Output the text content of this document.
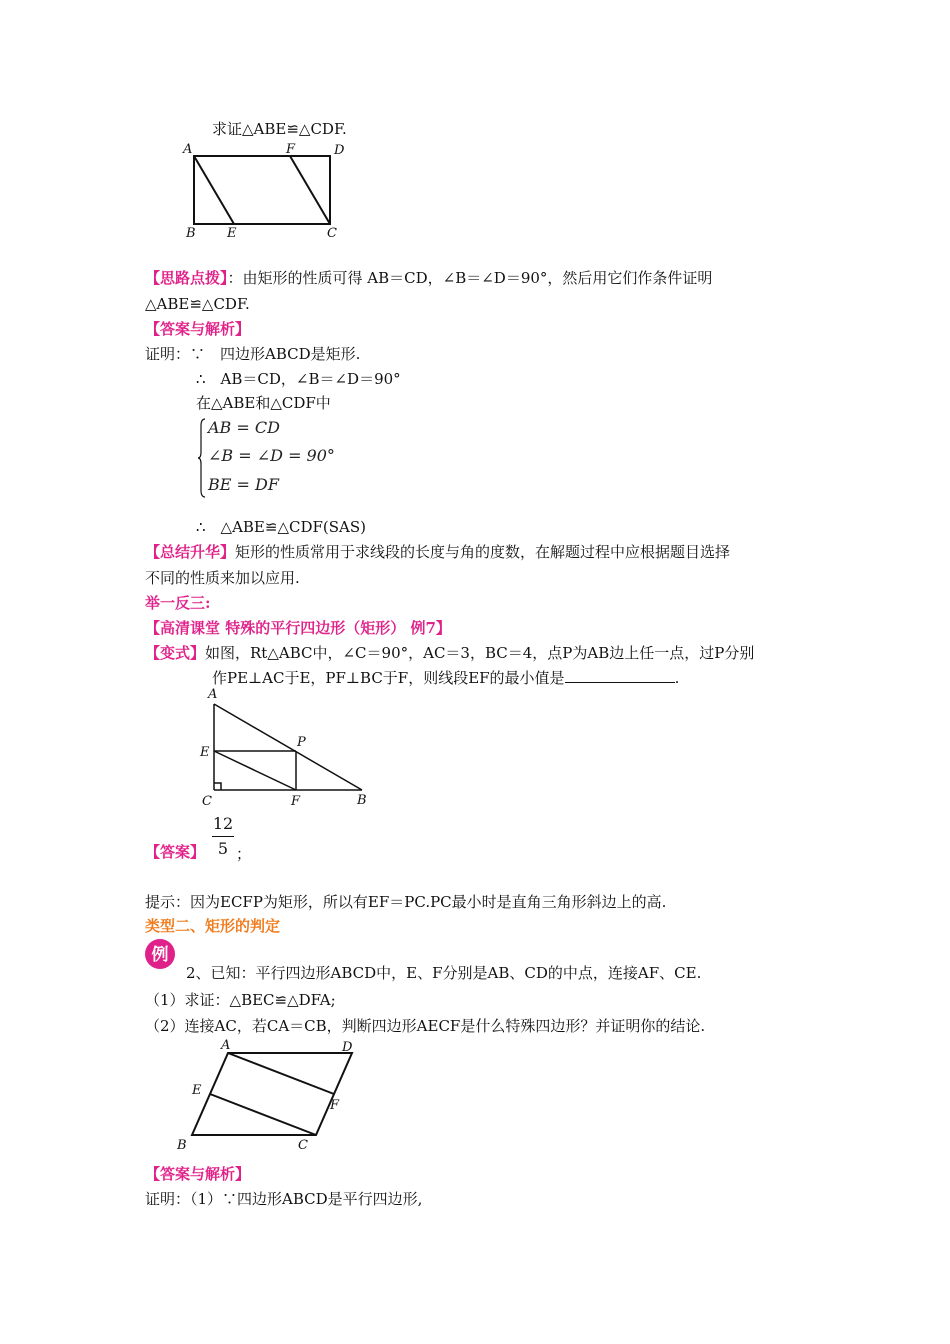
求证△ABE≌△CDF.
A	F	D
B E	C
【思路点拨】：由矩形的性质可得 AB＝CD，∠B＝∠D＝90°，然后用它们作条件证明
△ABE≌△CDF.
【答案与解析】
证明：∵　四边形ABCD是矩形.
∴　AB＝CD，∠B＝∠D＝90°
在△ABE和△CDF中
AB = CD
∠B = ∠D = 90°
BE = DF
∴　△ABE≌△CDF(SAS)
【总结升华】矩形的性质常用于求线段的长度与角的度数，在解题过程中应根据题目选择
不同的性质来加以应用.
举一反三:
【高清课堂 特殊的平行四边形（矩形） 例7】
【变式】如图，Rt△ABC中，∠C＝90°，AC＝3，BC＝4，点P为AB边上任一点，过P分别
作PE⊥AC于E，PF⊥BC于F，则线段EF的最小值是	.
A
E
P
C	F	B
【答案】
12
5 ；
提示：因为ECFP为矩形，所以有EF＝PC.PC最小时是直角三角形斜边上的高.
类型二、矩形的判定
例
2、已知：平行四边形ABCD中，E、F分别是AB、CD的中点，连接AF、CE.
（1）求证：△BEC≌△DFA;
（2）连接AC，若CA＝CB，判断四边形AECF是什么特殊四边形？并证明你的结论.
A	D
E
F
B	C
【答案与解析】
证明：（1）∵四边形ABCD是平行四边形,
